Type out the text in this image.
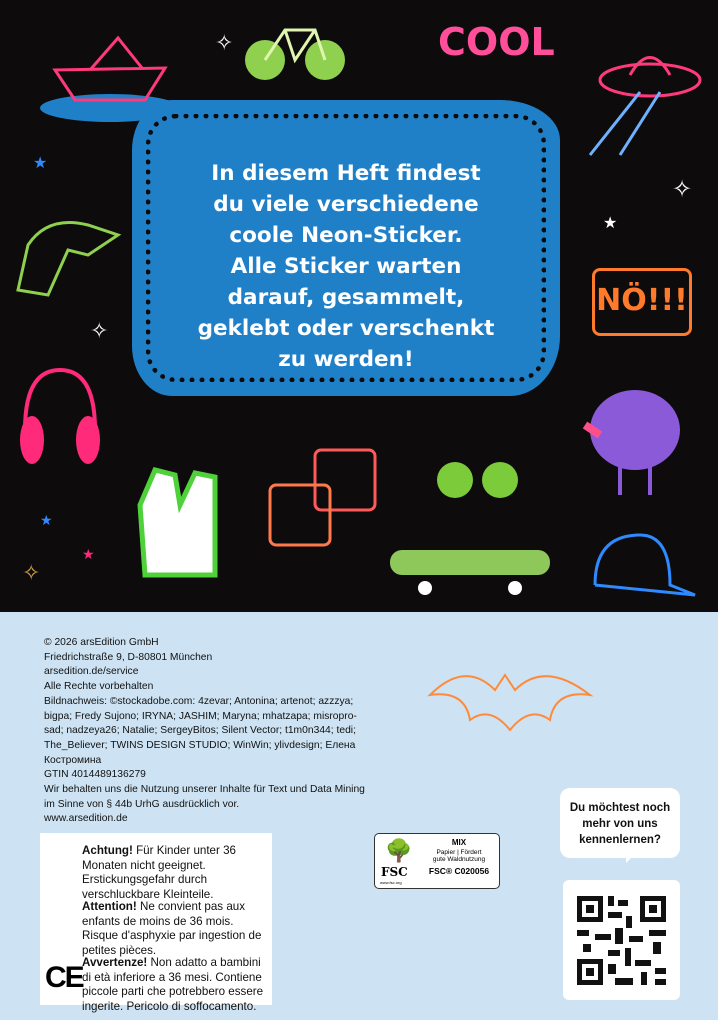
COOL
NÖ!!!
✧
✧
✧
★
★
★
★
✧
In diesem Heft findest
du viele verschiedene
coole Neon-Sticker.
Alle Sticker warten
darauf, gesammelt,
geklebt oder verschenkt
zu werden!
© 2026 arsEdition GmbH
Friedrichstraße 9, D-80801 München
arsedition.de/service
Alle Rechte vorbehalten
Bildnachweis: ©stockadobe.com: 4zevar; Antonina; artenot; azzzya; bigpa; Fredy Sujono; IRYNA; JASHIM; Maryna; mhatzapa; misropro-sad; nadzeya26; Natalie; SergeyBitos; Silent Vector; t1m0n344; tedi; The_Believer; TWINS DESIGN STUDIO; WinWin; ylivdesign; Елена Костромина
GTIN 4014489136279
Wir behalten uns die Nutzung unserer Inhalte für Text und Data Mining im Sinne von § 44b UrhG ausdrücklich vor.
www.arsedition.de

Achtung! Für Kinder unter 36 Monaten nicht geeignet. Erstickungsgefahr durch verschluckbare Kleinteile.

Attention! Ne convient pas aux enfants de moins de 36 mois. Risque d'asphyxie par ingestion de petites pièces.

Avvertenze! Non adatto a bambini di età inferiore a 36 mesi. Contiene piccole parti che potrebbero essere ingerite. Pericolo di soffocamento.

CE
🌳
FSC
www.fsc.org
MIX
Papier | Fördert
gute Waldnutzung
FSC® C020056
Du möchtest noch mehr von uns kennenlernen?
